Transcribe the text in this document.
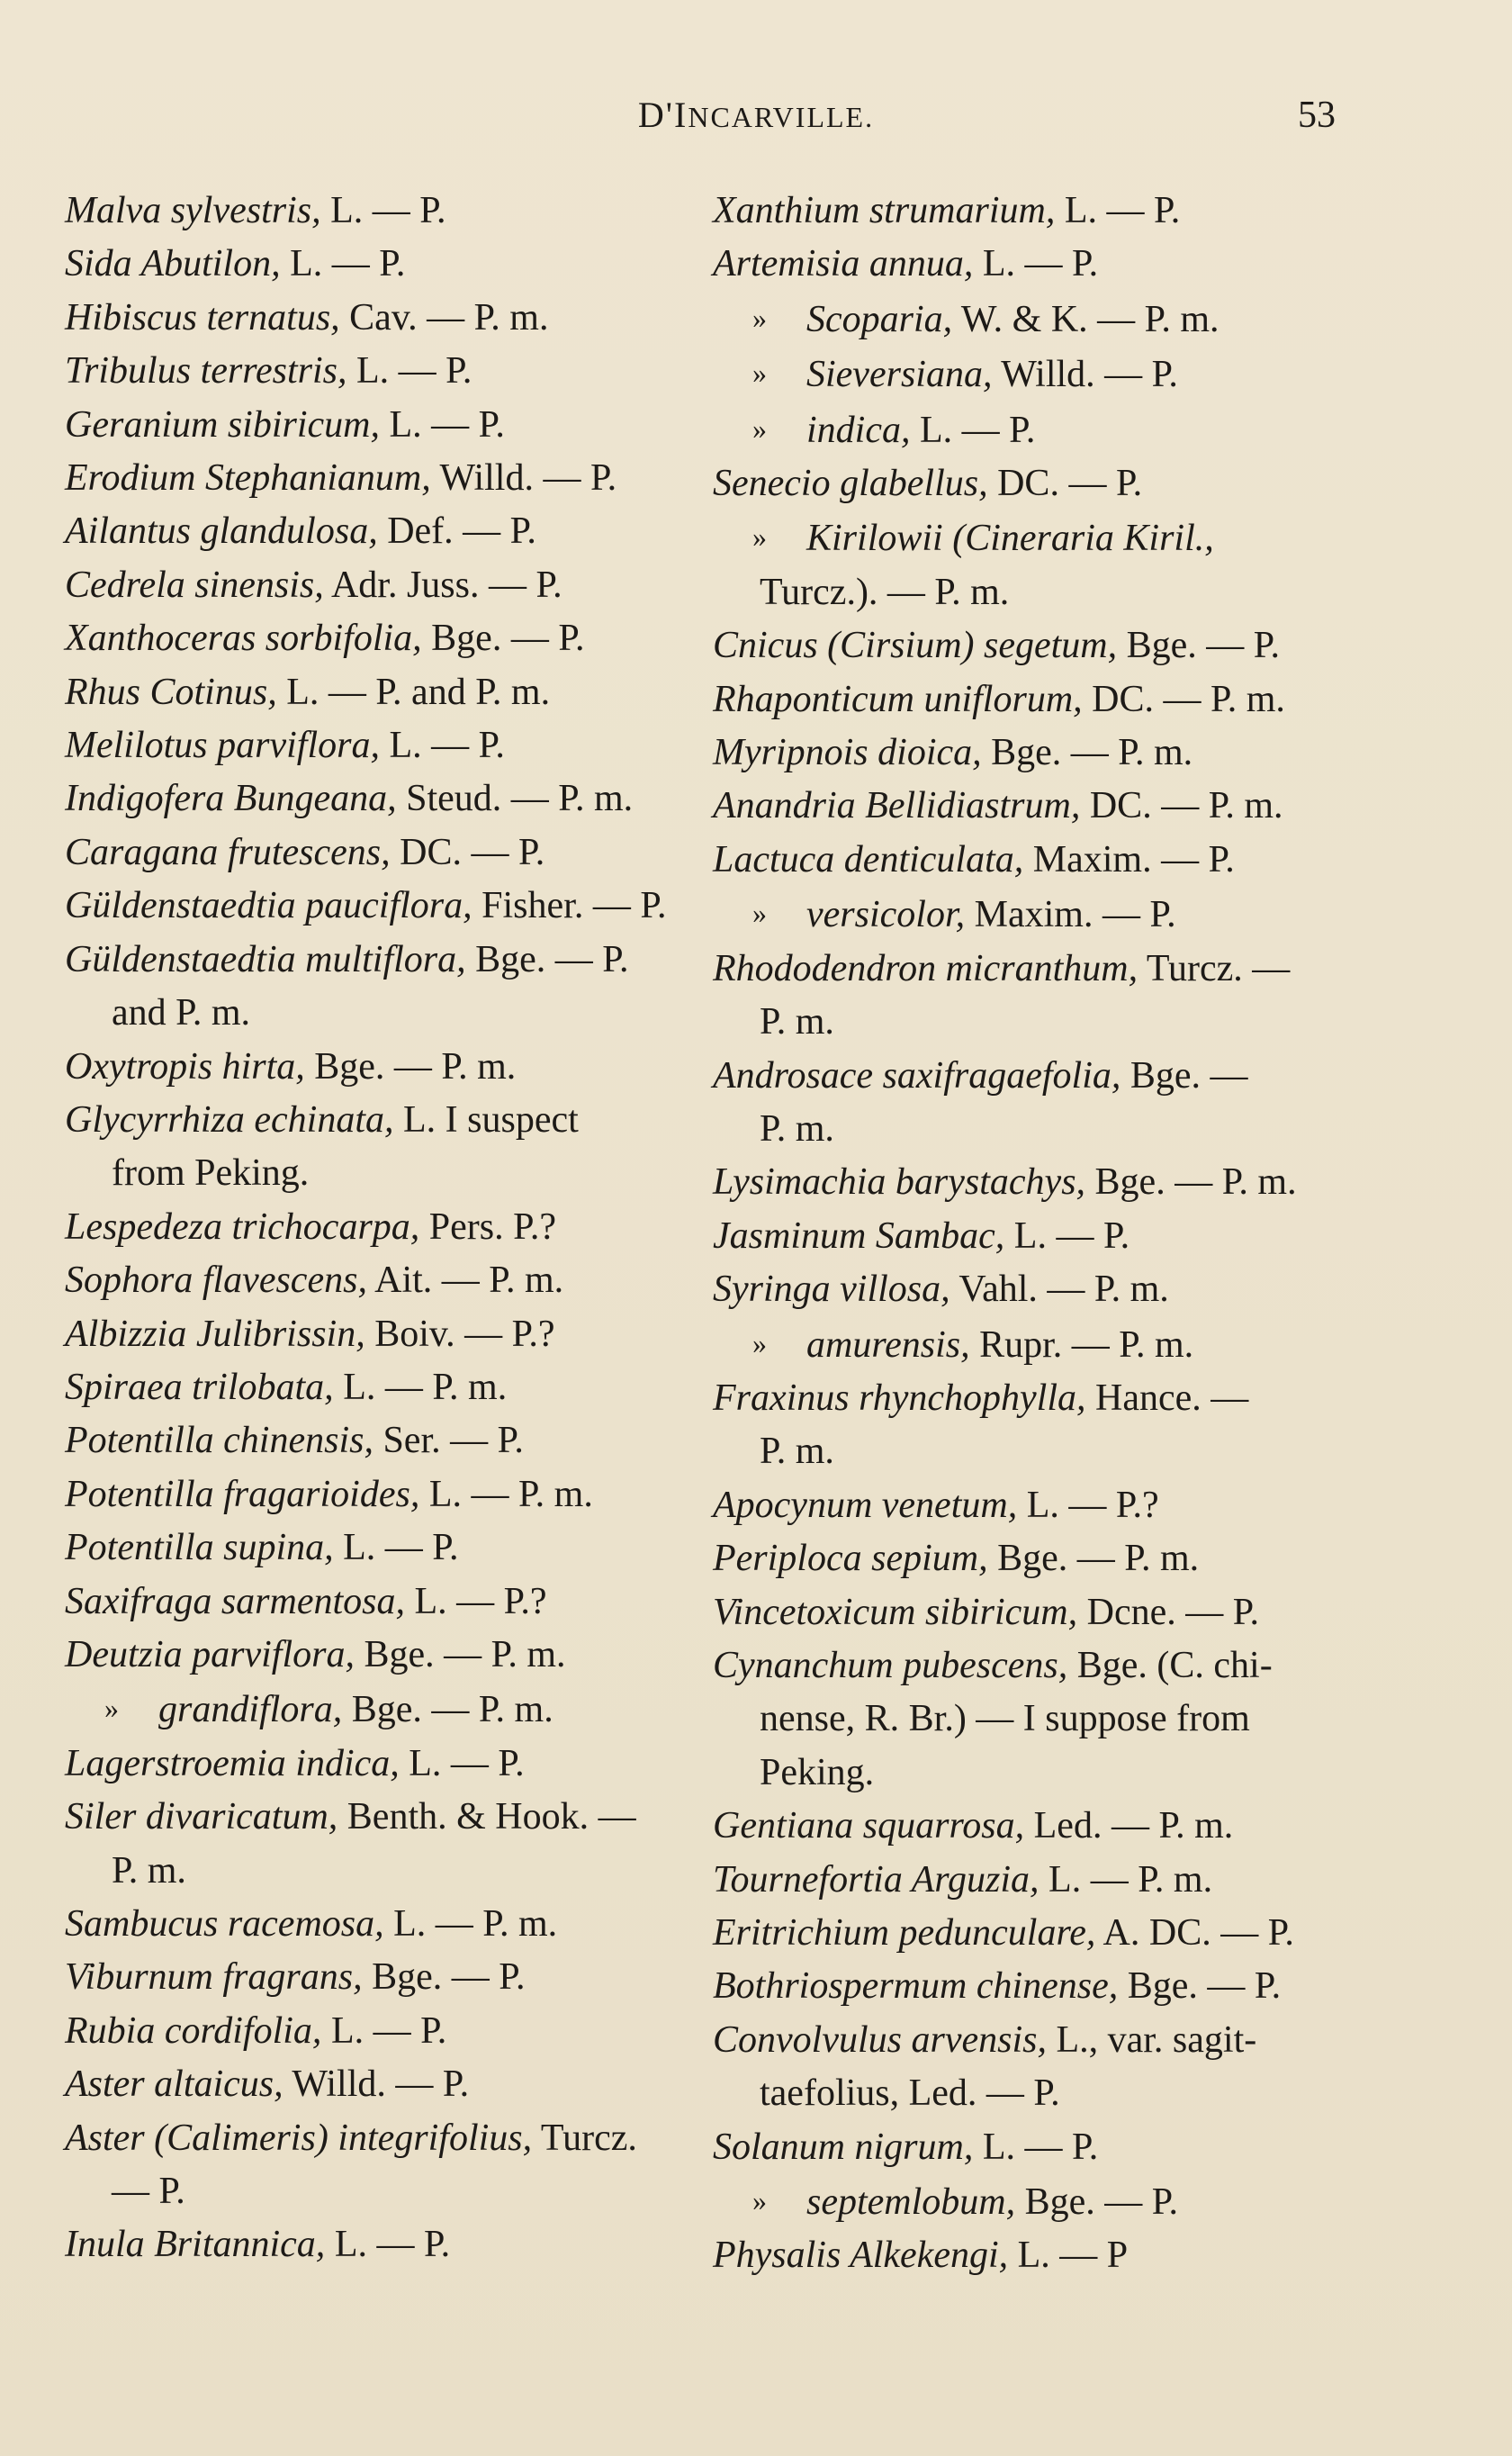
D'INCARVILLE.	53
Malva sylvestris, L. — P.
Sida Abutilon, L. — P.
Hibiscus ternatus, Cav. — P. m.
Tribulus terrestris, L. — P.
Geranium sibiricum, L. — P.
Erodium Stephanianum, Willd. — P.
Ailantus glandulosa, Def. — P.
Cedrela sinensis, Adr. Juss. — P.
Xanthoceras sorbifolia, Bge. — P.
Rhus Cotinus, L. — P. and P. m.
Melilotus parviflora, L. — P.
Indigofera Bungeana, Steud. — P. m.
Caragana frutescens, DC. — P.
Güldenstaedtia pauciflora, Fisher. — P.
Güldenstaedtia multiflora, Bge. — P.
and P. m.
Oxytropis hirta, Bge. — P. m.
Glycyrrhiza echinata, L. I suspect
from Peking.
Lespedeza trichocarpa, Pers. P.?
Sophora flavescens, Ait. — P. m.
Albizzia Julibrissin, Boiv. — P.?
Spiraea trilobata, L. — P. m.
Potentilla chinensis, Ser. — P.
Potentilla fragarioides, L. — P. m.
Potentilla supina, L. — P.
Saxifraga sarmentosa, L. — P.?
Deutzia parviflora, Bge. — P. m.
» grandiflora, Bge. — P. m.
Lagerstroemia indica, L. — P.
Siler divaricatum, Benth. & Hook. —
P. m.
Sambucus racemosa, L. — P. m.
Viburnum fragrans, Bge. — P.
Rubia cordifolia, L. — P.
Aster altaicus, Willd. — P.
Aster (Calimeris) integrifolius, Turcz.
— P.
Inula Britannica, L. — P.
Xanthium strumarium, L. — P.
Artemisia annua, L. — P.
» Scoparia, W. & K. — P. m.
» Sieversiana, Willd. — P.
» indica, L. — P.
Senecio glabellus, DC. — P.
» Kirilowii (Cineraria Kiril.,
Turcz.). — P. m.
Cnicus (Cirsium) segetum, Bge. — P.
Rhaponticum uniflorum, DC. — P. m.
Myripnois dioica, Bge. — P. m.
Anandria Bellidiastrum, DC. — P. m.
Lactuca denticulata, Maxim. — P.
» versicolor, Maxim. — P.
Rhododendron micranthum, Turcz. —
P. m.
Androsace saxifragaefolia, Bge. —
P. m.
Lysimachia barystachys, Bge. — P. m.
Jasminum Sambac, L. — P.
Syringa villosa, Vahl. — P. m.
» amurensis, Rupr. — P. m.
Fraxinus rhynchophylla, Hance. —
P. m.
Apocynum venetum, L. — P.?
Periploca sepium, Bge. — P. m.
Vincetoxicum sibiricum, Dcne. — P.
Cynanchum pubescens, Bge. (C. chi-
nense, R. Br.) — I suppose from
Peking.
Gentiana squarrosa, Led. — P. m.
Tournefortia Arguzia, L. — P. m.
Eritrichium pedunculare, A. DC. — P.
Bothriospermum chinense, Bge. — P.
Convolvulus arvensis, L., var. sagit-
taefolius, Led. — P.
Solanum nigrum, L. — P.
» septemlobum, Bge. — P.
Physalis Alkekengi, L. — P
